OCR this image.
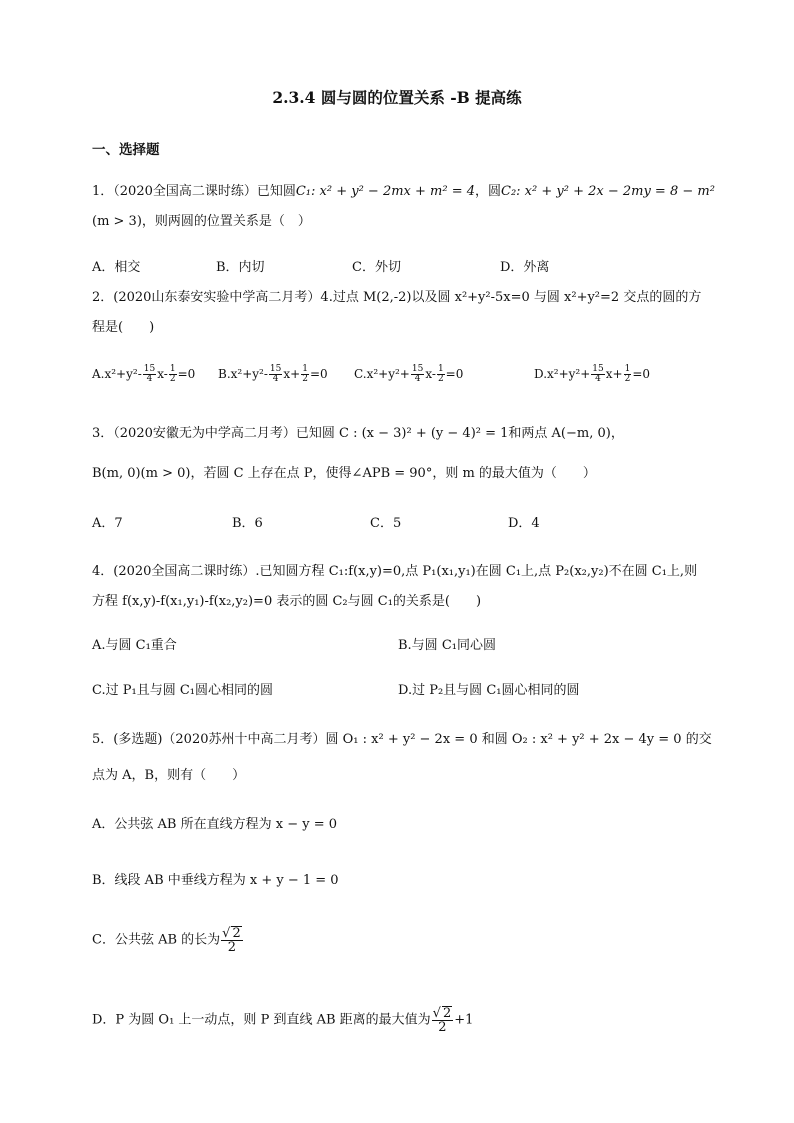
2.3.4 圆与圆的位置关系 -B 提高练
一、选择题
1．（2020全国高二课时练）已知圆C₁: x² + y² − 2mx + m² = 4，圆C₂: x² + y² + 2x − 2my = 8 − m²
(m > 3)，则两圆的位置关系是（　）
A．相交	B．内切	C．外切	D．外离
2．(2020山东泰安实验中学高二月考）4.过点 M(2,-2)以及圆 x²+y²-5x=0 与圆 x²+y²=2 交点的圆的方
程是(　　)
$A.x^2+y^2- \frac{15}{4} x- \frac{1}{2} =0$ $B.x^2+y^2- \frac{15}{4} x+ \frac{1}{2} =0$ $C.x^2+y^2+ \frac{15}{4} x- \frac{1}{2} =0$	$D.x^2+y^2+ \frac{15}{4} x+ \frac{1}{2} =0$
3．（2020安徽无为中学高二月考）已知圆 C : (x − 3)² + (y − 4)² = 1和两点 A(−m, 0)，
B(m, 0)(m > 0)，若圆 C 上存在点 P，使得∠APB = 90°，则 m 的最大值为（　　）
A．7	B．6	C．5	D．4
4．(2020全国高二课时练）.已知圆方程 C₁:f(x,y)=0,点 P₁(x₁,y₁)在圆 C₁上,点 P₂(x₂,y₂)不在圆 C₁上,则
方程 f(x,y)-f(x₁,y₁)-f(x₂,y₂)=0 表示的圆 C₂与圆 C₁的关系是(　　)
A.与圆 C₁重合	B.与圆 C₁同心圆
C.过 P₁且与圆 C₁圆心相同的圆	D.过 P₂且与圆 C₁圆心相同的圆
5．(多选题)（2020苏州十中高二月考）圆 O₁ : x² + y² − 2x = 0 和圆 O₂ : x² + y² + 2x − 4y = 0 的交
点为 A，B，则有（　　）
A．公共弦 AB 所在直线方程为 x − y = 0
B．线段 AB 中垂线方程为 x + y − 1 = 0
C．公共弦 AB 的长为 $\frac{√ 2}{2}$
D．P 为圆 O₁ 上一动点，则 P 到直线 AB 距离的最大值为 $\frac{√ 2}{2} +1$
